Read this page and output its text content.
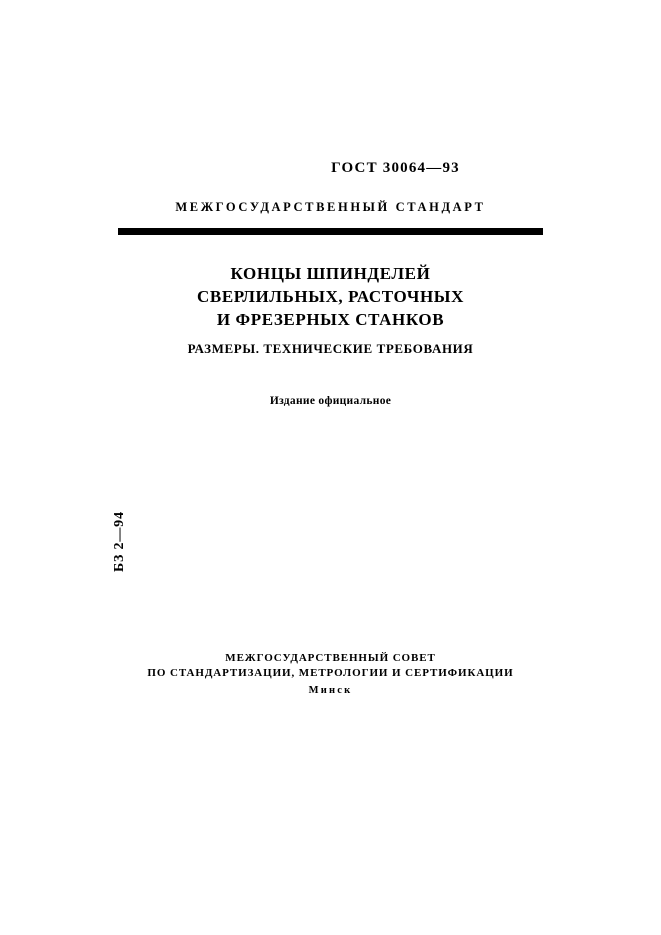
ГОСТ 30064—93
МЕЖГОСУДАРСТВЕННЫЙ СТАНДАРТ
КОНЦЫ ШПИНДЕЛЕЙ
СВЕРЛИЛЬНЫХ, РАСТОЧНЫХ
И ФРЕЗЕРНЫХ СТАНКОВ
РАЗМЕРЫ. ТЕХНИЧЕСКИЕ ТРЕБОВАНИЯ
Издание официальное
БЗ 2—94
МЕЖГОСУДАРСТВЕННЫЙ СОВЕТ
ПО СТАНДАРТИЗАЦИИ, МЕТРОЛОГИИ И СЕРТИФИКАЦИИ
Минск
